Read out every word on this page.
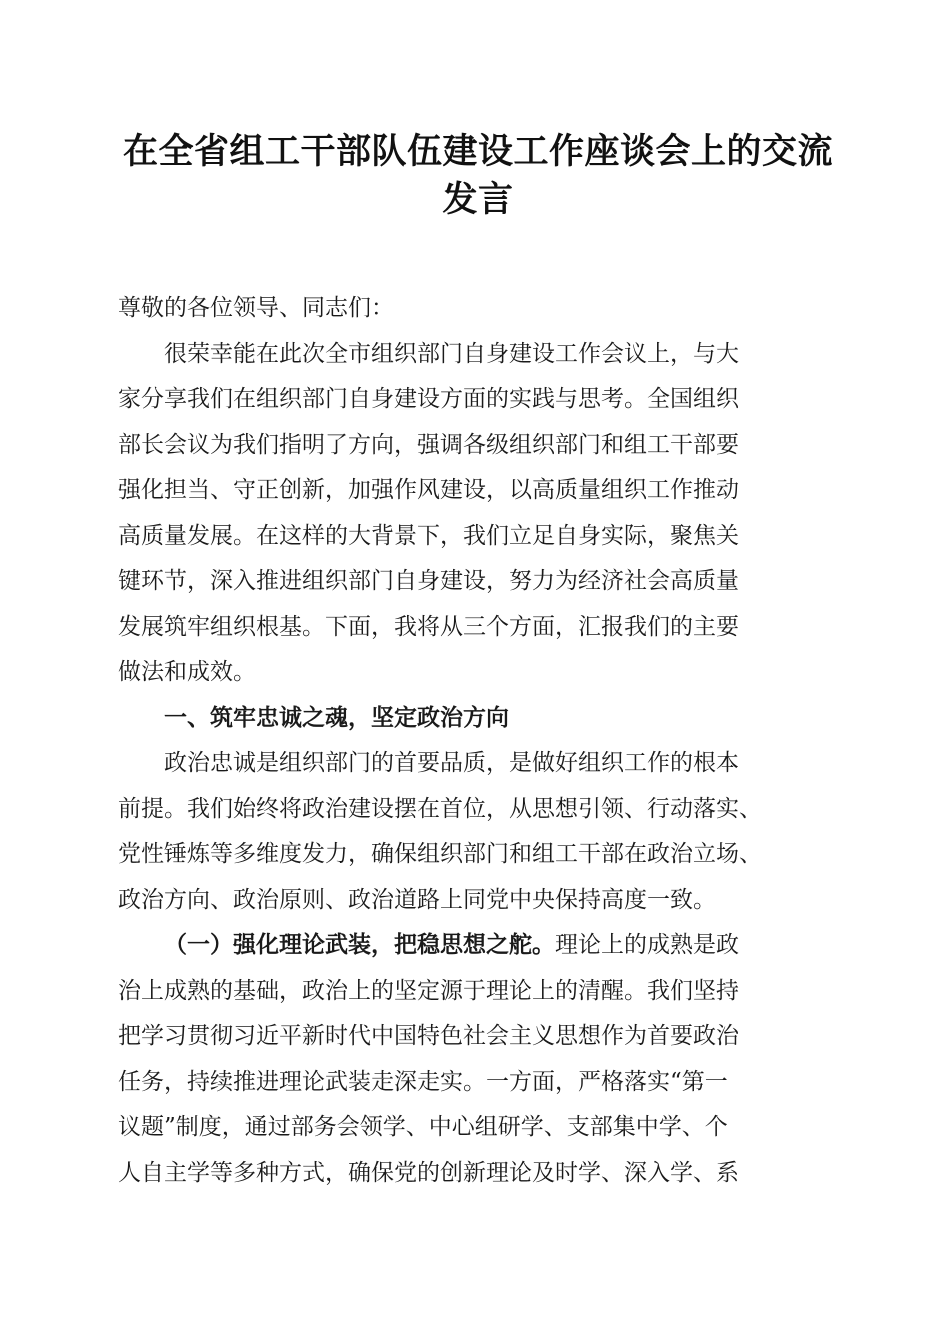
在全省组工干部队伍建设工作座谈会上的交流
发言

尊敬的各位领导、同志们：

很荣幸能在此次全市组织部门自身建设工作会议上，与大
家分享我们在组织部门自身建设方面的实践与思考。全国组织
部长会议为我们指明了方向，强调各级组织部门和组工干部要
强化担当、守正创新，加强作风建设，以高质量组织工作推动
高质量发展。在这样的大背景下，我们立足自身实际，聚焦关
键环节，深入推进组织部门自身建设，努力为经济社会高质量
发展筑牢组织根基。下面，我将从三个方面，汇报我们的主要
做法和成效。

一、筑牢忠诚之魂，坚定政治方向

政治忠诚是组织部门的首要品质，是做好组织工作的根本
前提。我们始终将政治建设摆在首位，从思想引领、行动落实、
党性锤炼等多维度发力，确保组织部门和组工干部在政治立场、
政治方向、政治原则、政治道路上同党中央保持高度一致。

（一）强化理论武装，把稳思想之舵。理论上的成熟是政
治上成熟的基础，政治上的坚定源于理论上的清醒。我们坚持
把学习贯彻习近平新时代中国特色社会主义思想作为首要政治
任务，持续推进理论武装走深走实。一方面，严格落实“第一
议题”制度，通过部务会领学、中心组研学、支部集中学、个
人自主学等多种方式，确保党的创新理论及时学、深入学、系
